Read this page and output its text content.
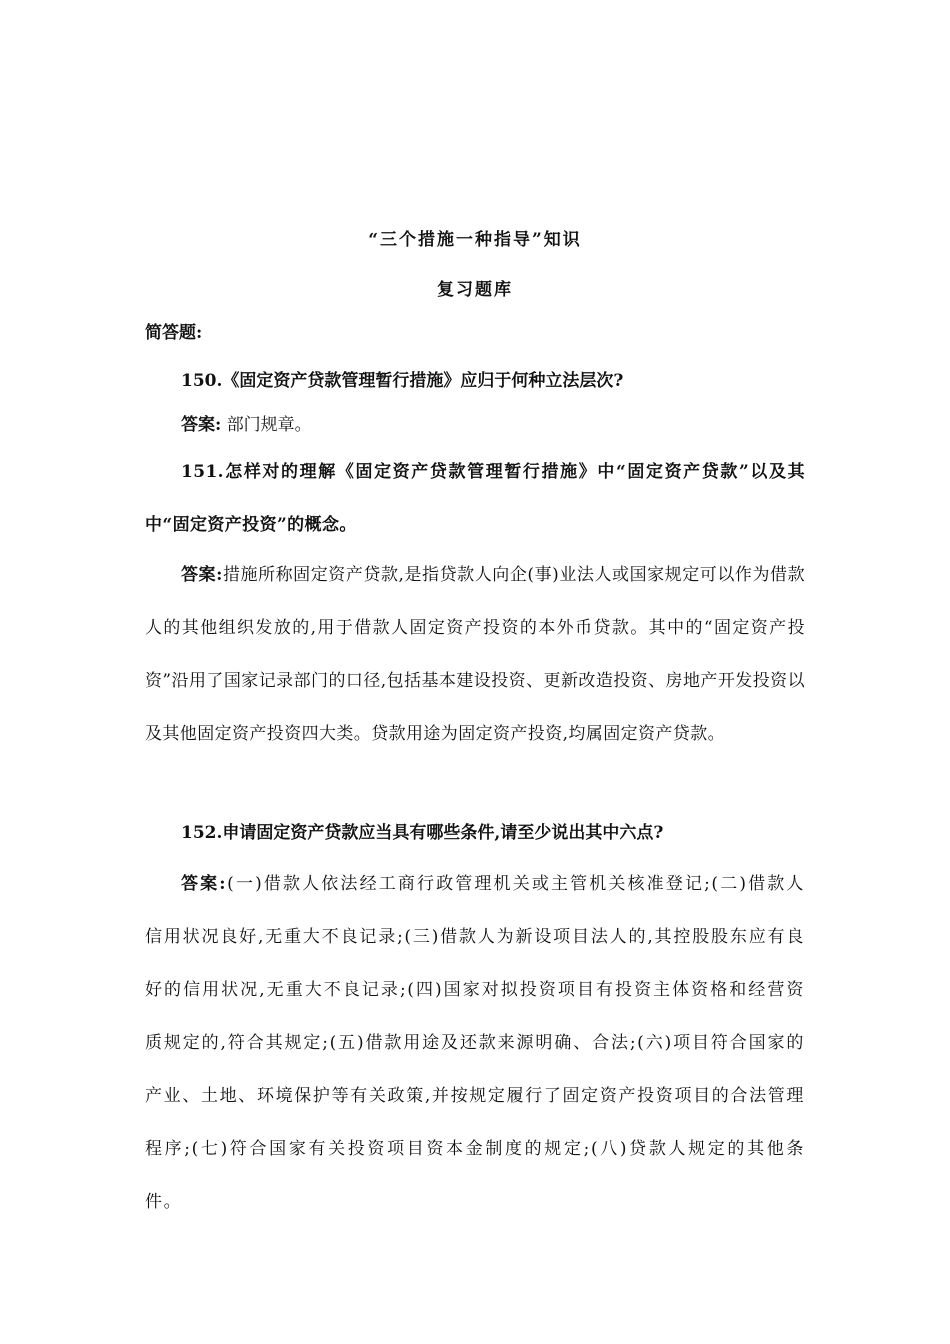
“三个措施一种指导”知识
复习题库
简答题:
150.《固定资产贷款管理暂行措施》应归于何种立法层次?
答案: 部门规章。
151.怎样对的理解《固定资产贷款管理暂行措施》中“固定资产贷款”以及其中“固定资产投资”的概念。
答案:措施所称固定资产贷款,是指贷款人向企(事)业法人或国家规定可以作为借款人的其他组织发放的,用于借款人固定资产投资的本外币贷款。其中的“固定资产投资”沿用了国家记录部门的口径,包括基本建设投资、更新改造投资、房地产开发投资以及其他固定资产投资四大类。贷款用途为固定资产投资,均属固定资产贷款。
152.申请固定资产贷款应当具有哪些条件,请至少说出其中六点?
答案:(一)借款人依法经工商行政管理机关或主管机关核准登记;(二)借款人信用状况良好,无重大不良记录;(三)借款人为新设项目法人的,其控股股东应有良好的信用状况,无重大不良记录;(四)国家对拟投资项目有投资主体资格和经营资质规定的,符合其规定;(五)借款用途及还款来源明确、合法;(六)项目符合国家的产业、土地、环境保护等有关政策,并按规定履行了固定资产投资项目的合法管理程序;(七)符合国家有关投资项目资本金制度的规定;(八)贷款人规定的其他条件。
